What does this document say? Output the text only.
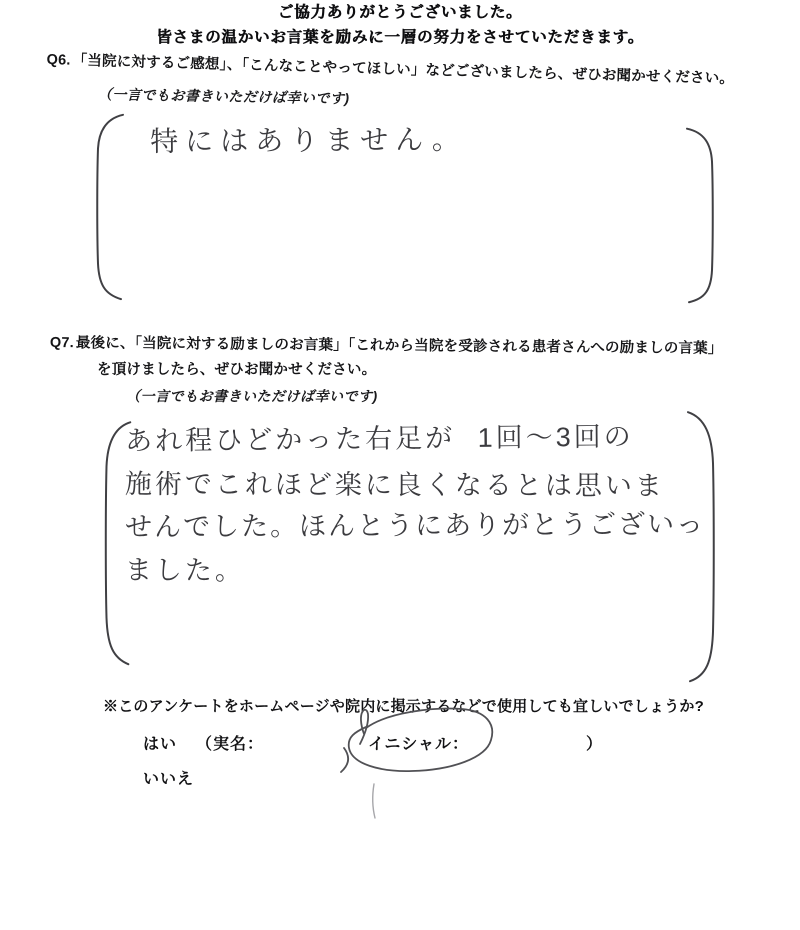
Q6. 「当院に対するご感想」、「こんなことやってほしい」などございましたら、ぜひお聞かせください。
（一言でもお書きいただけば幸いです)
特にはありません。
Q7. 最後に、「当院に対する励ましのお言葉」「これから当院を受診される患者さんへの励ましの言葉」
を頂けましたら、ぜひお聞かせください。
（一言でもお書きいただけば幸いです)
あれ程ひどかった右足が 1回〜3回の
施術でこれほど楽に良くなるとは思いま
せんでした。ほんとうにありがとうございっ
ました。
※このアンケートをホームページや院内に掲示するなどで使用しても宜しいでしょうか?
はい （実名：	イニシャル：	）
いいえ
ご協力ありがとうございました。
皆さまの温かいお言葉を励みに一層の努力をさせていただきます。
